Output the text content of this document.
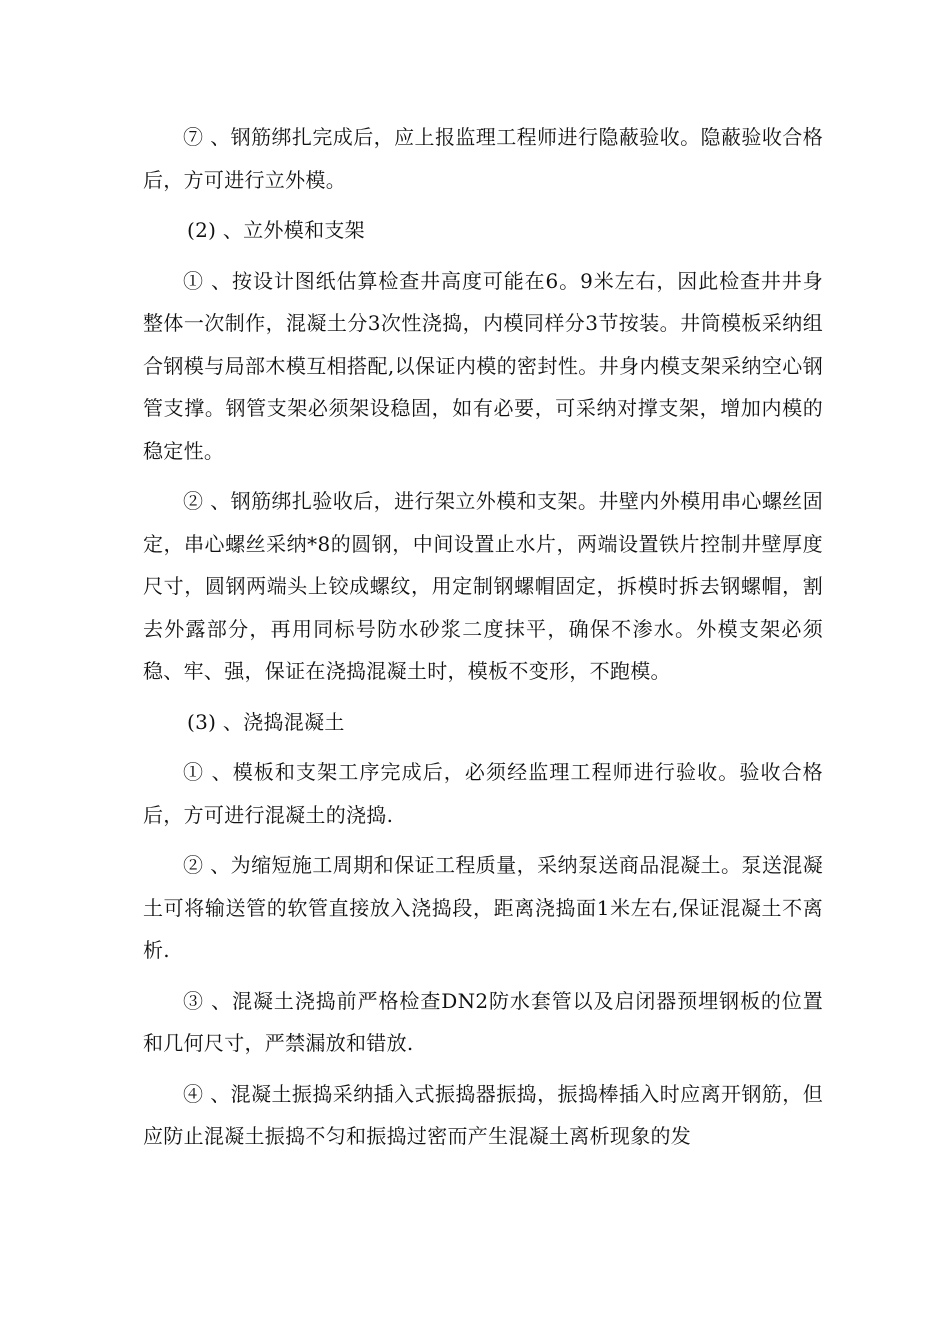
⑦ 、钢筋绑扎完成后，应上报监理工程师进行隐蔽验收。隐蔽验收合格后，方可进行立外模。

(2) 、立外模和支架

① 、按设计图纸估算检查井高度可能在6。9米左右，因此检查井井身整体一次制作，混凝土分3次性浇捣，内模同样分3节按装。井筒模板采纳组合钢模与局部木模互相搭配,以保证内模的密封性。井身内模支架采纳空心钢管支撑。钢管支架必须架设稳固，如有必要，可采纳对撑支架，增加内模的稳定性。

② 、钢筋绑扎验收后，进行架立外模和支架。井壁内外模用串心螺丝固定，串心螺丝采纳*8的圆钢，中间设置止水片，两端设置铁片控制井壁厚度尺寸，圆钢两端头上铰成螺纹，用定制钢螺帽固定，拆模时拆去钢螺帽，割去外露部分，再用同标号防水砂浆二度抹平，确保不渗水。外模支架必须稳、牢、强，保证在浇捣混凝土时，模板不变形，不跑模。

(3) 、浇捣混凝土

① 、模板和支架工序完成后，必须经监理工程师进行验收。验收合格后，方可进行混凝土的浇捣.

② 、为缩短施工周期和保证工程质量，采纳泵送商品混凝土。泵送混凝土可将输送管的软管直接放入浇捣段，距离浇捣面1米左右,保证混凝土不离析.

③ 、混凝土浇捣前严格检查DN2防水套管以及启闭器预埋钢板的位置和几何尺寸，严禁漏放和错放.

④ 、混凝土振捣采纳插入式振捣器振捣，振捣棒插入时应离开钢筋，但应防止混凝土振捣不匀和振捣过密而产生混凝土离析现象的发
